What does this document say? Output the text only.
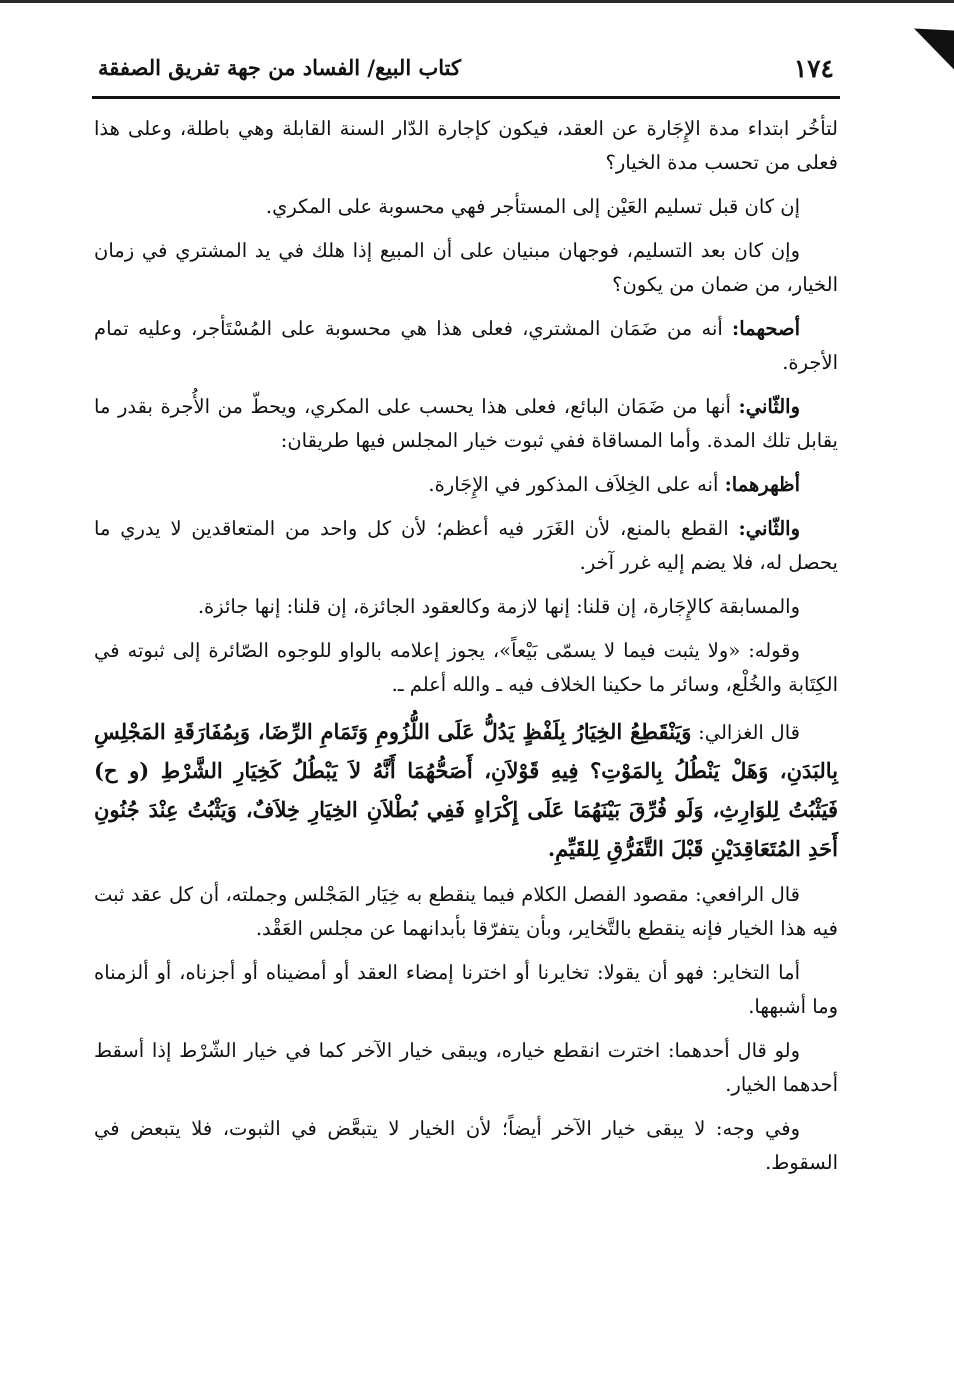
١٧٤
كتاب البيع/ الفساد من جهة تفريق الصفقة

لتأخُر ابتداء مدة الإِجَارة عن العقد، فيكون كإجارة الدّار السنة القابلة وهي باطلة، وعلى هذا فعلى من تحسب مدة الخيار؟

إن كان قبل تسليم العَيْن إلى المستأجر فهي محسوبة على المكري.

وإن كان بعد التسليم، فوجهان مبنيان على أن المبيع إذا هلك في يد المشتري في زمان الخيار، من ضمان من يكون؟

أصحهما: أنه من ضَمَان المشتري، فعلى هذا هي محسوبة على المُسْتَأجر، وعليه تمام الأجرة.

والثّاني: أنها من ضَمَان البائع، فعلى هذا يحسب على المكري، ويحطّ من الأُجرة بقدر ما يقابل تلك المدة. وأما المساقاة ففي ثبوت خيار المجلس فيها طريقان:

أظهرهما: أنه على الخِلاَف المذكور في الإِجَارة.

والثّاني: القطع بالمنع، لأن الغَرَر فيه أعظم؛ لأن كل واحد من المتعاقدين لا يدري ما يحصل له، فلا يضم إليه غرر آخر.

والمسابقة كالإِجَارة، إن قلنا: إنها لازمة وكالعقود الجائزة، إن قلنا: إنها جائزة.

وقوله: «ولا يثبت فيما لا يسمّى بَيْعاً»، يجوز إعلامه بالواو للوجوه الصّائرة إلى ثبوته في الكِتَابة والخُلْع، وسائر ما حكينا الخلاف فيه ـ والله أعلم ـ.

قال الغزالي: وَيَنْقَطِعُ الخِيَارُ بِلَفْظٍ يَدُلُّ عَلَى اللُّزُومِ وَتَمَامِ الرِّضَا، وَبِمُفَارَقَةِ المَجْلِسِ بِالبَدَنِ، وَهَلْ يَنْطُلُ بِالمَوْتِ؟ فِيهِ قَوْلاَنِ، أَصَحُّهُمَا أَنَّهُ لاَ يَبْطُلُ كَخِيَارِ الشَّرْطِ (و ح) فَيَثْبُتُ لِلوَارِثِ، وَلَو فُرِّقَ بَيْنَهُمَا عَلَى إِكْرَاهٍ فَفِي بُطْلاَنِ الخِيَارِ خِلاَفٌ، وَيَثْبُتُ عِنْدَ جُنُونِ أَحَدِ المُتَعَاقِدَيْنِ قَبْلَ التَّفَرُّقِ لِلقَيِّمِ.

قال الرافعي: مقصود الفصل الكلام فيما ينقطع به خِيَار المَجْلس وجملته، أن كل عقد ثبت فيه هذا الخيار فإنه ينقطع بالتَّخاير، وبأن يتفرّقا بأبدانهما عن مجلس العَقْد.

أما التخاير: فهو أن يقولا: تخايرنا أو اخترنا إمضاء العقد أو أمضيناه أو أجزناه، أو ألزمناه وما أشبهها.

ولو قال أحدهما: اخترت انقطع خياره، ويبقى خيار الآخر كما في خيار الشّرْط إذا أسقط أحدهما الخيار.

وفي وجه: لا يبقى خيار الآخر أيضاً؛ لأن الخيار لا يتبعَّض في الثبوت، فلا يتبعض في السقوط.
